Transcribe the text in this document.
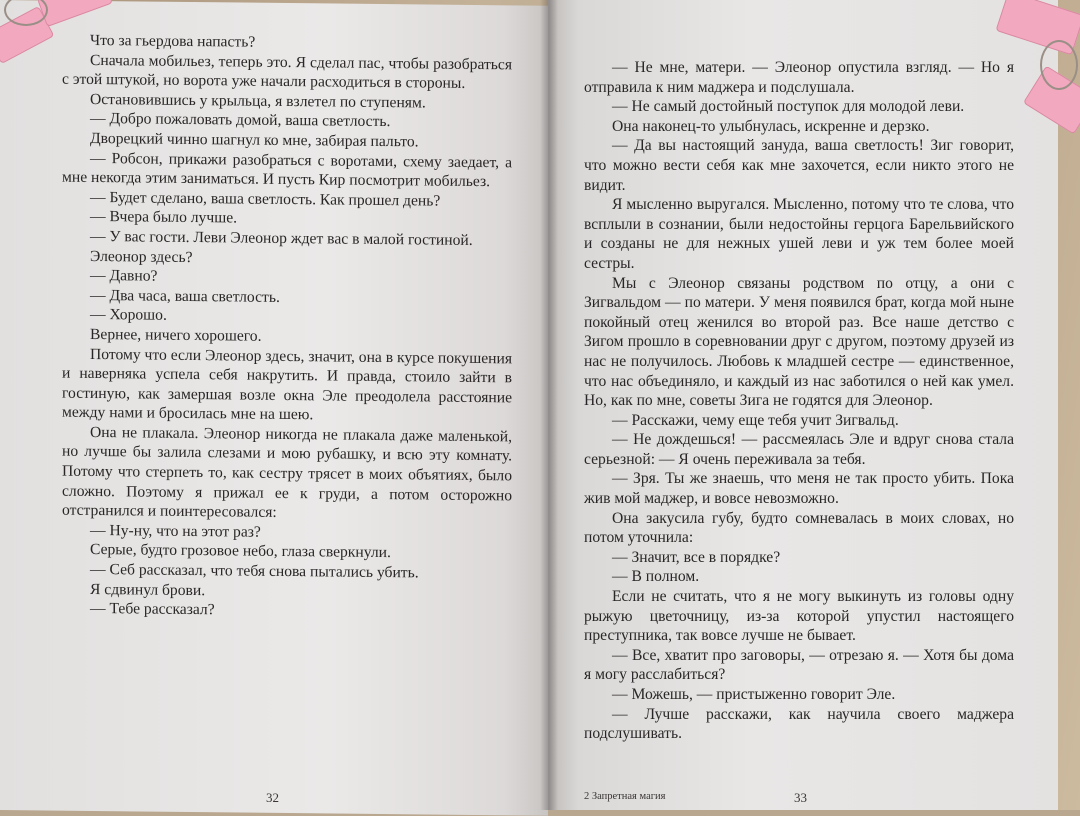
Что за гьердова напасть?

Сначала мобильез, теперь это. Я сделал пас, чтобы разобраться с этой штукой, но ворота уже начали расходиться в стороны.

Остановившись у крыльца, я взлетел по ступеням.

— Добро пожаловать домой, ваша светлость.

Дворецкий чинно шагнул ко мне, забирая пальто.

— Робсон, прикажи разобраться с воротами, схему заедает, а мне некогда этим заниматься. И пусть Кир посмотрит мобильез.

— Будет сделано, ваша светлость. Как прошел день?

— Вчера было лучше.

— У вас гости. Леви Элеонор ждет вас в малой гостиной.

Элеонор здесь?

— Давно?

— Два часа, ваша светлость.

— Хорошо.

Вернее, ничего хорошего.

Потому что если Элеонор здесь, значит, она в курсе покушения и наверняка успела себя накрутить. И правда, стоило зайти в гостиную, как замершая возле окна Эле преодолела расстояние между нами и бросилась мне на шею.

Она не плакала. Элеонор никогда не плакала даже маленькой, но лучше бы залила слезами и мою рубашку, и всю эту комнату. Потому что стерпеть то, как сестру трясет в моих объятиях, было сложно. Поэтому я прижал ее к груди, а потом осторожно отстранился и поинтересовался:

— Ну-ну, что на этот раз?

Серые, будто грозовое небо, глаза сверкнули.

— Себ рассказал, что тебя снова пытались убить.

Я сдвинул брови.

— Тебе рассказал?

32

— Не мне, матери. — Элеонор опустила взгляд. — Но я отправила к ним маджера и подслушала.

— Не самый достойный поступок для молодой леви.

Она наконец-то улыбнулась, искренне и дерзко.

— Да вы настоящий зануда, ваша светлость! Зиг говорит, что можно вести себя как мне захочется, если никто этого не видит.

Я мысленно выругался. Мысленно, потому что те слова, что всплыли в сознании, были недостойны герцога Барельвийского и созданы не для нежных ушей леви и уж тем более моей сестры.

Мы с Элеонор связаны родством по отцу, а они с Зигвальдом — по матери. У меня появился брат, когда мой ныне покойный отец женился во второй раз. Все наше детство с Зигом прошло в соревновании друг с другом, поэтому друзей из нас не получилось. Любовь к младшей сестре — единственное, что нас объединяло, и каждый из нас заботился о ней как умел. Но, как по мне, советы Зига не годятся для Элеонор.

— Расскажи, чему еще тебя учит Зигвальд.

— Не дождешься! — рассмеялась Эле и вдруг снова стала серьезной: — Я очень переживала за тебя.

— Зря. Ты же знаешь, что меня не так просто убить. Пока жив мой маджер, и вовсе невозможно.

Она закусила губу, будто сомневалась в моих словах, но потом уточнила:

— Значит, все в порядке?

— В полном.

Если не считать, что я не могу выкинуть из головы одну рыжую цветочницу, из-за которой упустил настоящего преступника, так вовсе лучше не бывает.

— Все, хватит про заговоры, — отрезаю я. — Хотя бы дома я могу расслабиться?

— Можешь, — пристыженно говорит Эле.

— Лучше расскажи, как научила своего маджера подслушивать.

2 Запретная магия	33
